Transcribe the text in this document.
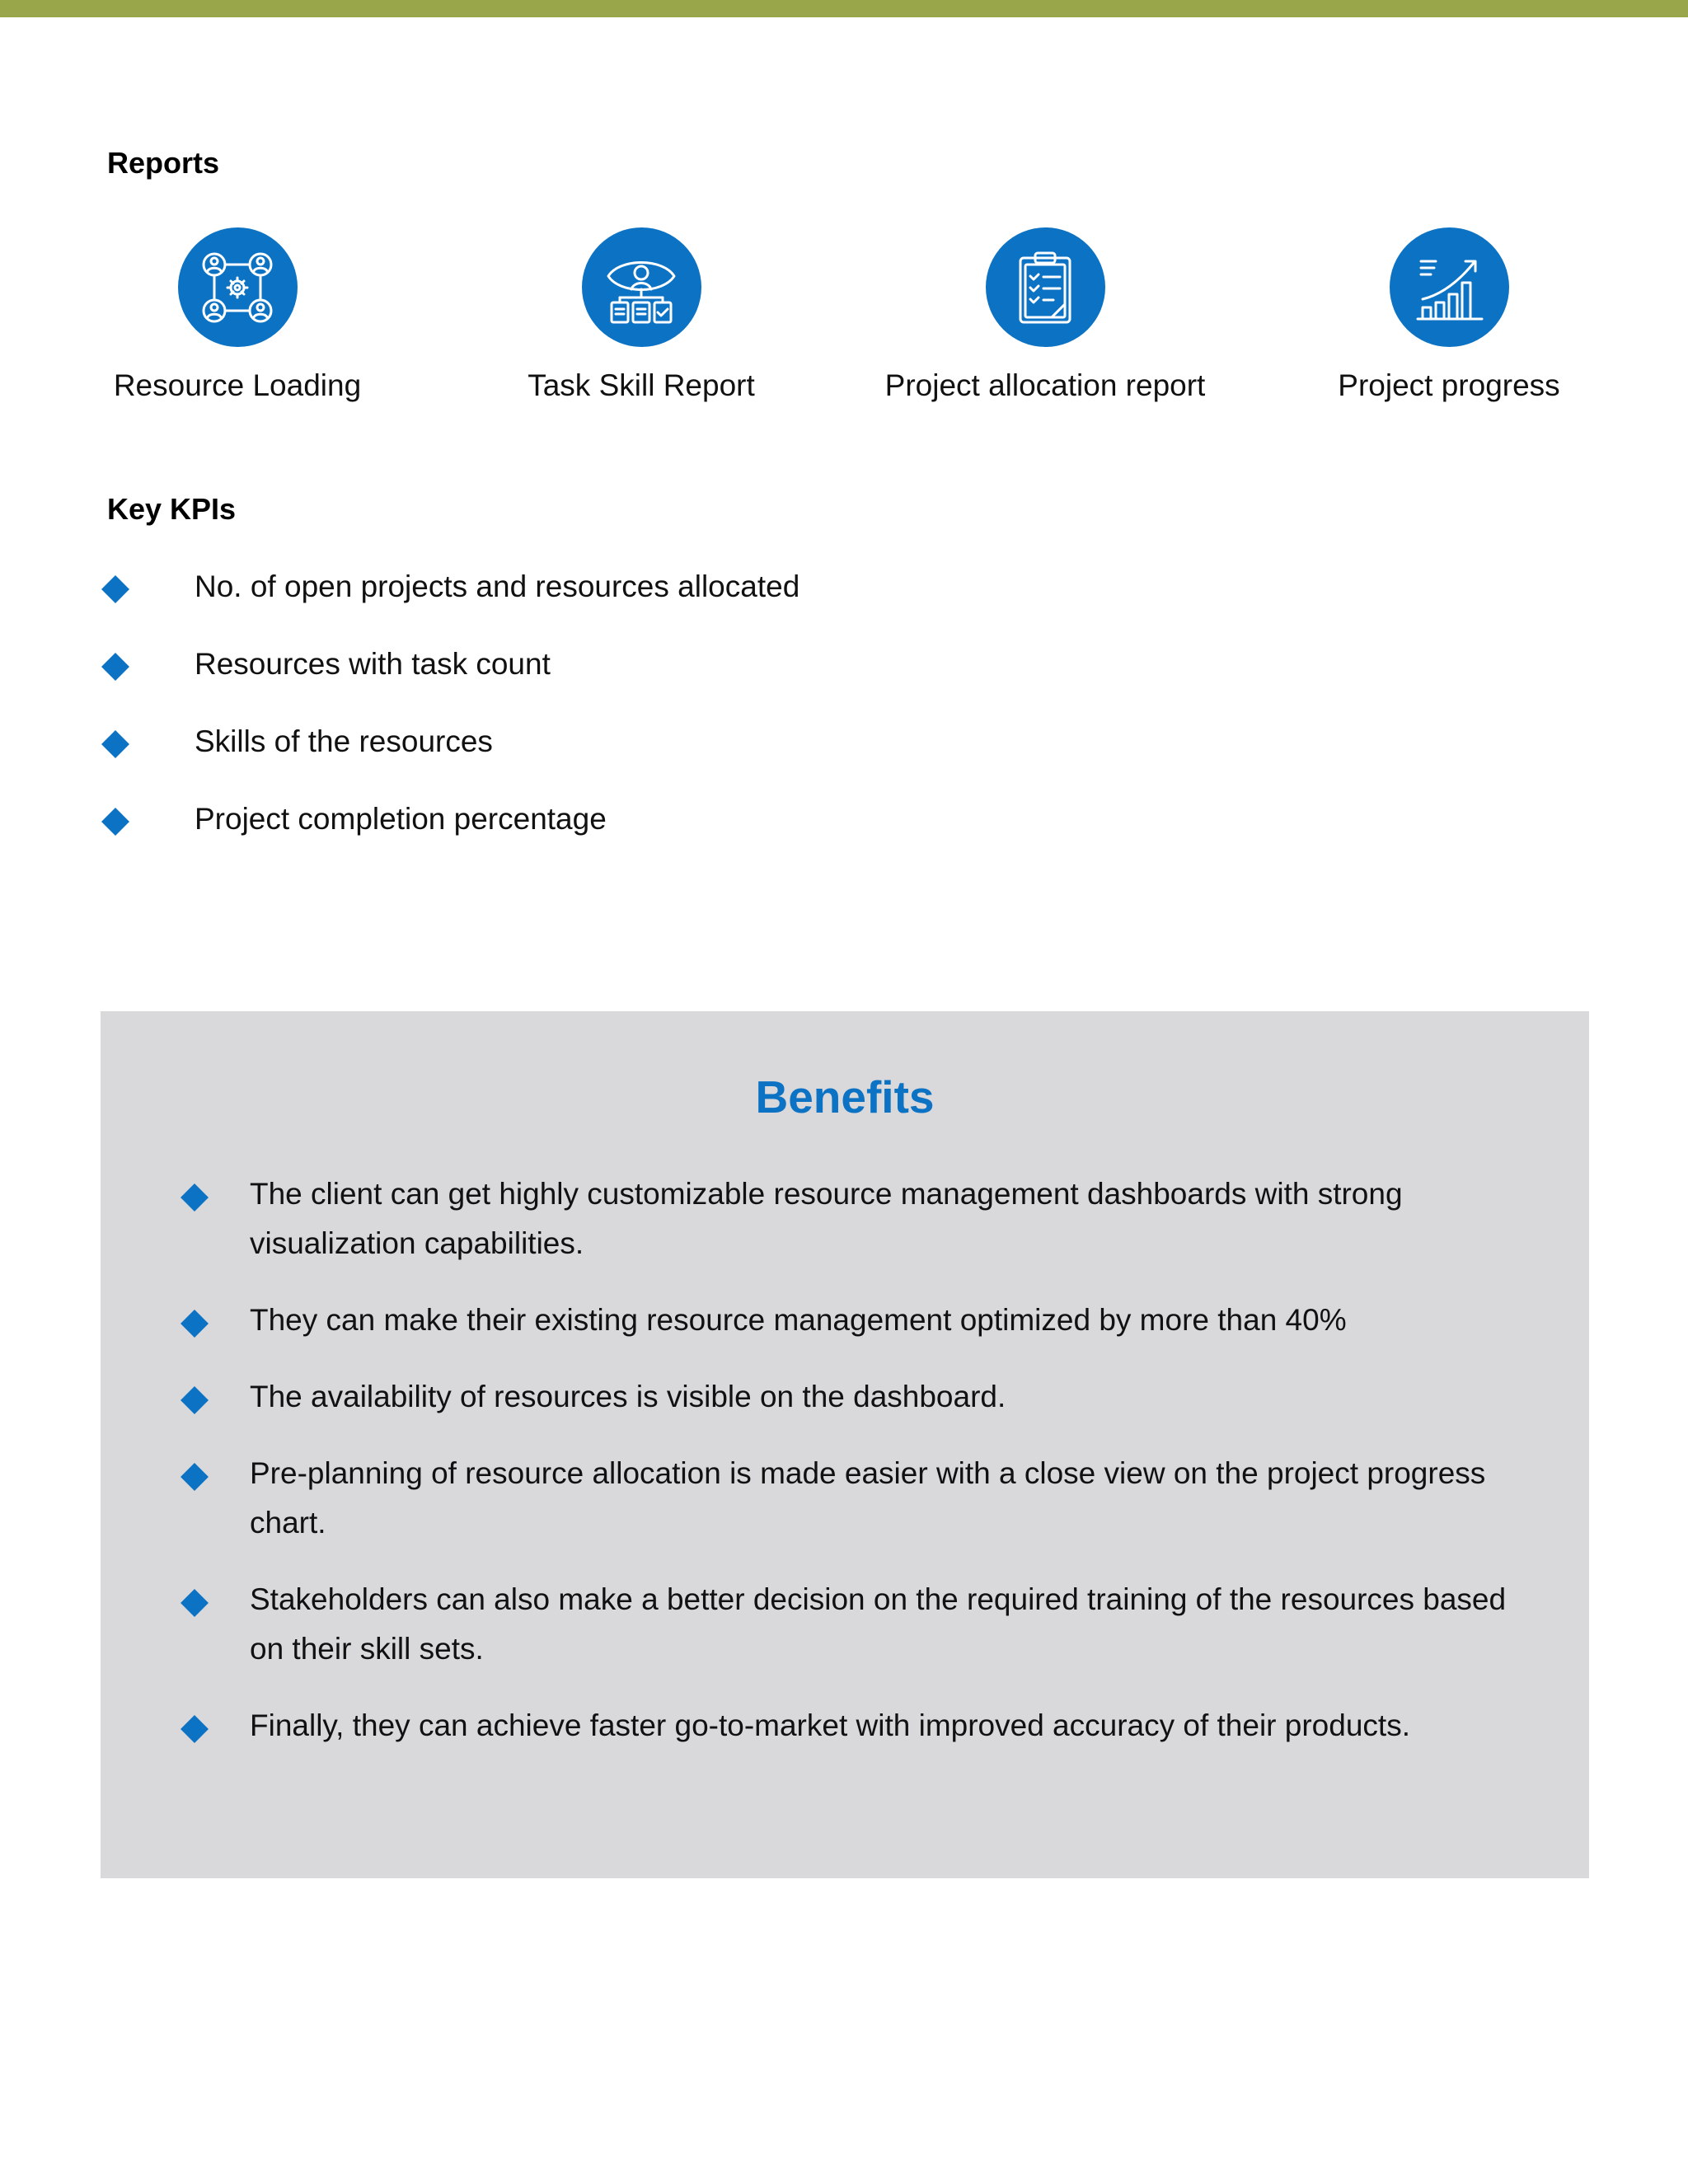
Reports
Resource Loading	Task Skill Report	Project allocation report	Project progress
Key KPIs
No. of open projects and resources allocated
Resources with task count
Skills of the resources
Project completion percentage
Benefits
The client can get highly customizable resource management dashboards with strong visualization capabilities.
They can make their existing resource management optimized by more than 40%
The availability of resources is visible on the dashboard.
Pre-planning of resource allocation is made easier with a close view on the project progress chart.
Stakeholders can also make a better decision on the required training of the resources based on their skill sets.
Finally, they can achieve faster go-to-market with improved accuracy of their products.
